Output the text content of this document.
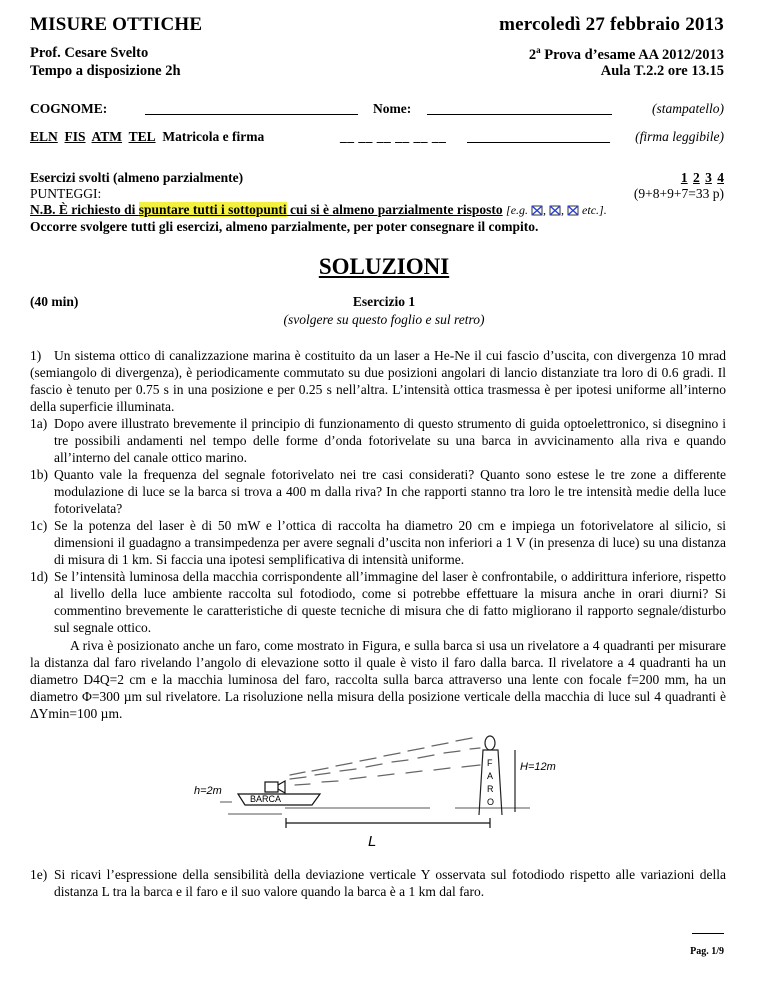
MISURE OTTICHE	mercoledì 27 febbraio 2013
Prof. Cesare Svelto	2$^a$ Prova d’esame AA 2012/2013
Tempo a disposizione 2h	Aula T.2.2 ore 13.15
COGNOME:	Nome:	(stampatello)
ELN FIS ATM TEL Matricola e firma	__ __ __ __ __ __	(firma leggibile)
Esercizi svolti (almeno parzialmente)	1 2 3 4
PUNTEGGI:	(9+8+9+7=33 p)
N.B. È richiesto di spuntare tutti i sottopunti cui si è almeno parzialmente risposto [e.g. ☒, ☒, ☒ etc.].
Occorre svolgere tutti gli esercizi, almeno parzialmente, per poter consegnare il compito.
SOLUZIONI
(40 min)	Esercizio 1
(svolgere su questo foglio e sul retro)
1) Un sistema ottico di canalizzazione marina è costituito da un laser a He-Ne il cui fascio d’uscita, con divergenza 10 mrad (semiangolo di divergenza), è periodicamente commutato su due posizioni angolari di lancio distanziate tra loro di 0.6 gradi. Il fascio è tenuto per 0.75 s in una posizione e per 0.25 s nell’altra. L’intensità ottica trasmessa è per ipotesi uniforme all’interno della superficie illuminata.
1a) Dopo avere illustrato brevemente il principio di funzionamento di questo strumento di guida optoelettronico, si disegnino i tre possibili andamenti nel tempo delle forme d’onda fotorivelate su una barca in avvicinamento alla riva e quando all’interno del canale ottico marino.
1b) Quanto vale la frequenza del segnale fotorivelato nei tre casi considerati? Quanto sono estese le tre zone a differente modulazione di luce se la barca si trova a 400 m dalla riva? In che rapporti stanno tra loro le tre intensità medie della luce fotorivelata?
1c) Se la potenza del laser è di 50 mW e l’ottica di raccolta ha diametro 20 cm e impiega un fotorivelatore al silicio, si dimensioni il guadagno a transimpedenza per avere segnali d’uscita non inferiori a 1 V (in presenza di luce) su una distanza di misura di 1 km. Si faccia una ipotesi semplificativa di intensità uniforme.
1d) Se l’intensità luminosa della macchia corrispondente all’immagine del laser è confrontabile, o addirittura inferiore, rispetto al livello della luce ambiente raccolta sul fotodiodo, come si potrebbe effettuare la misura anche in orari diurni? Si commentino brevemente le caratteristiche di queste tecniche di misura che di fatto migliorano il rapporto segnale/disturbo sul segnale ottico.
A riva è posizionato anche un faro, come mostrato in Figura, e sulla barca si usa un rivelatore a 4 quadranti per misurare la distanza dal faro rivelando l’angolo di elevazione sotto il quale è visto il faro dalla barca. Il rivelatore a 4 quadranti ha un diametro D4Q=2 cm e la macchia luminosa del faro, raccolta sulla barca attraverso una lente con focale f=200 mm, ha un diametro Φ=300 µm sul rivelatore. La risoluzione nella misura della posizione verticale della macchia di luce sul 4 quadranti è ΔYmin=100 µm.
BARCA
h=2m
F
A
R
O
H=12m
L
1e) Si ricavi l’espressione della sensibilità della deviazione verticale Y osservata sul fotodiodo rispetto alle variazioni della distanza L tra la barca e il faro e il suo valore quando la barca è a 1 km dal faro.
Pag. 1/9
